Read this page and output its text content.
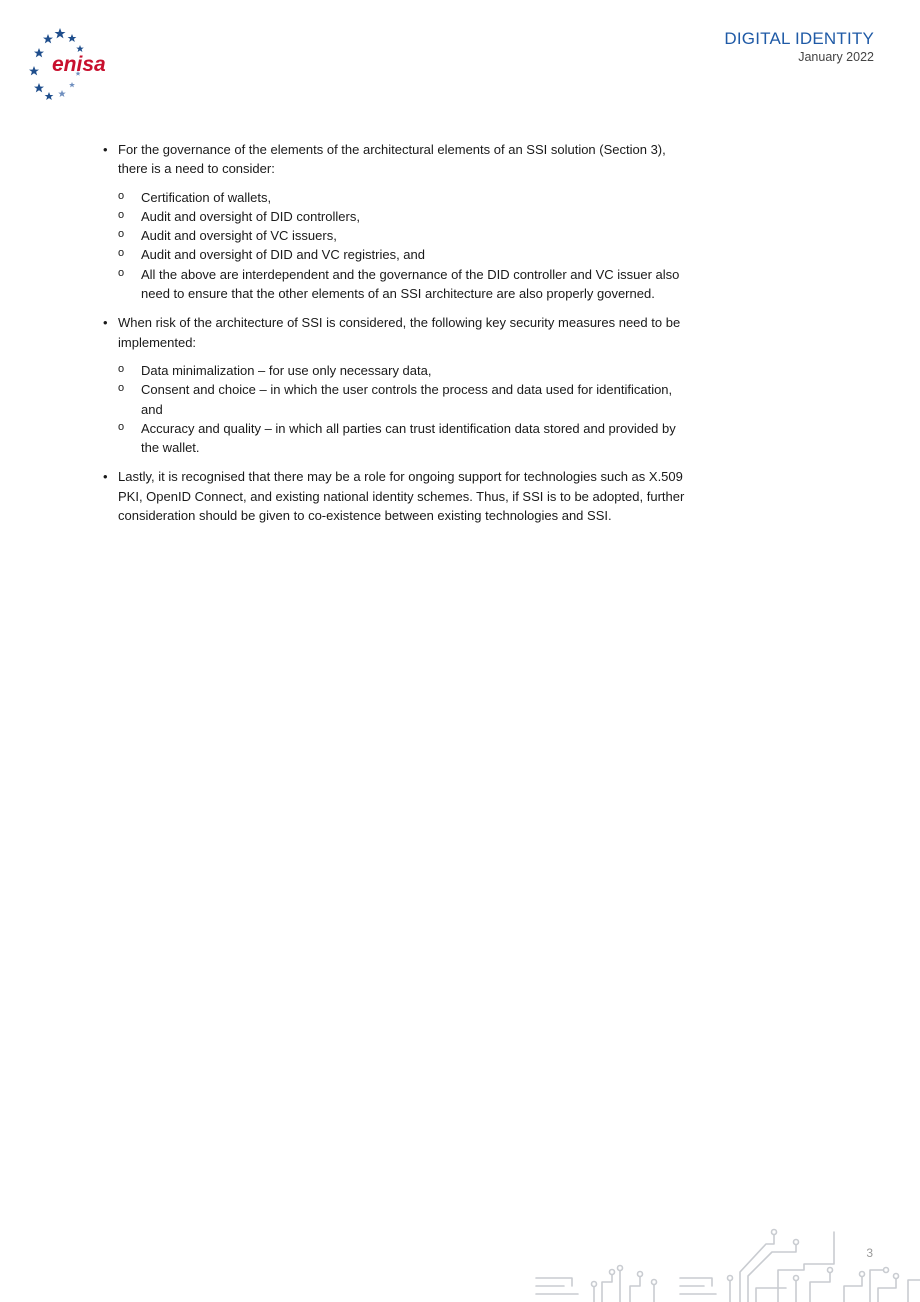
enisa
DIGITAL IDENTITY
January 2022
• For the governance of the elements of the architectural elements of an SSI solution (Section 3), there is a need to consider:
o Certification of wallets,
o Audit and oversight of DID controllers,
o Audit and oversight of VC issuers,
o Audit and oversight of DID and VC registries, and
o All the above are interdependent and the governance of the DID controller and VC issuer also need to ensure that the other elements of an SSI architecture are also properly governed.
• When risk of the architecture of SSI is considered, the following key security measures need to be implemented:
o Data minimalization – for use only necessary data,
o Consent and choice – in which the user controls the process and data used for identification, and
o Accuracy and quality – in which all parties can trust identification data stored and provided by the wallet.
• Lastly, it is recognised that there may be a role for ongoing support for technologies such as X.509 PKI, OpenID Connect, and existing national identity schemes. Thus, if SSI is to be adopted, further consideration should be given to co-existence between existing technologies and SSI.
3
